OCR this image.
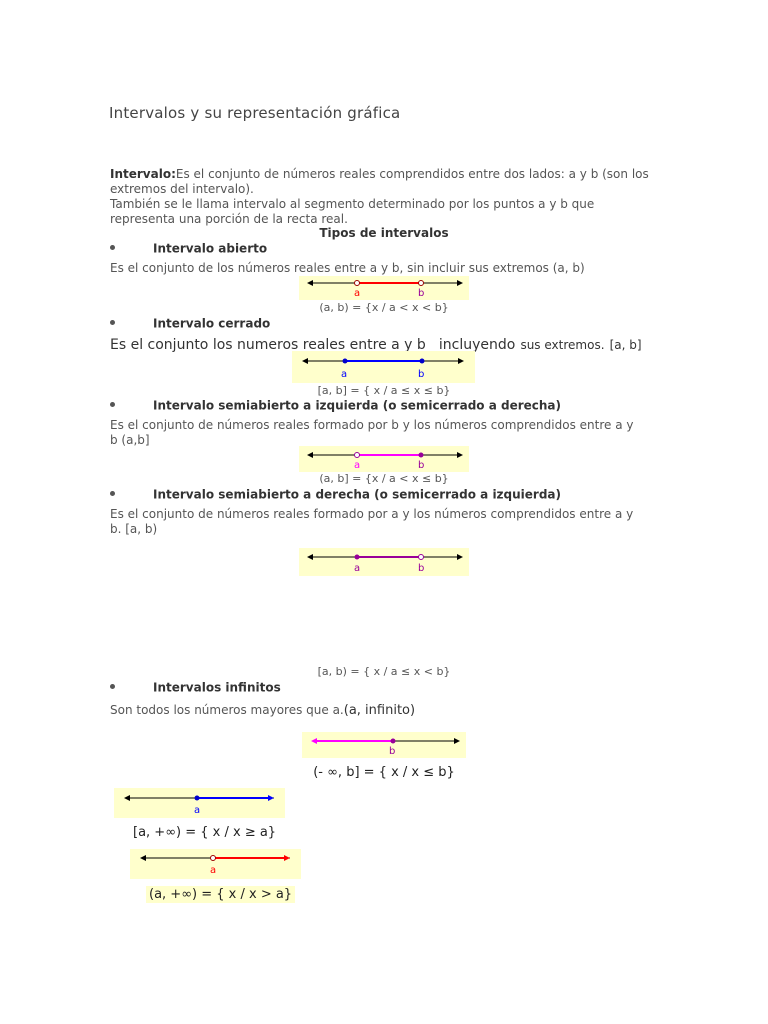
Intervalos y su representación gráfica
Intervalo:Es el conjunto de números reales comprendidos entre dos lados: a y b (son los
extremos del intervalo).
También se le llama intervalo al segmento determinado por los puntos a y b que
representa una porción de la recta real.
Tipos de intervalos
Intervalo abierto
Es el conjunto de los números reales entre a y b, sin incluir sus extremos (a, b)
a	b
(a, b) = {x / a < x < b}
Intervalo cerrado
Es el conjunto los numeros reales entre a y b incluyendo sus extremos. [a, b]
a	b
[a, b] = { x / a ≤ x ≤ b}
Intervalo semiabierto a izquierda (o semicerrado a derecha)
Es el conjunto de números reales formado por b y los números comprendidos entre a y
b (a,b]
a	b
(a, b] = {x / a < x ≤ b}
Intervalo semiabierto a derecha (o semicerrado a izquierda)
Es el conjunto de números reales formado por a y los números comprendidos entre a y
b. [a, b)
a	b
[a, b) = { x / a ≤ x < b}
Intervalos infinitos
Son todos los números mayores que a.(a, infinito)
b
(- ∞, b] = { x / x ≤ b}
a
[a, +∞) = { x / x ≥ a}
a
(a, +∞) = { x / x > a}
